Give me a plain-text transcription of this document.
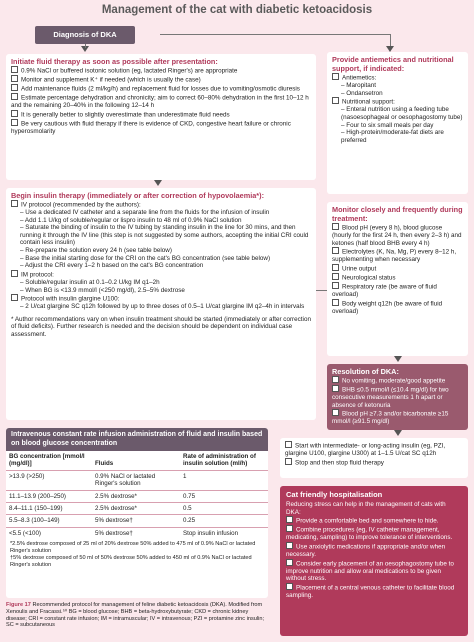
Management of the cat with diabetic ketoacidosis
Diagnosis of DKA
Initiate fluid therapy as soon as possible after presentation:
0.9% NaCl or buffered isotonic solution (eg, lactated Ringer's) are appropriate
Monitor and supplement K⁺ if needed (which is usually the case)
Add maintenance fluids (2 ml/kg/h) and replacement fluid for losses due to vomiting/osmotic diuresis
Estimate percentage dehydration and chronicity; aim to correct 60–80% dehydration in the first 10–12 h and the remaining 20–40% in the following 12–14 h
It is generally better to slightly overestimate than underestimate fluid needs
Be very cautious with fluid therapy if there is evidence of CKD, congestive heart failure or chronic hyperosmolarity
Provide antiemetics and nutritional support, if indicated:
Antiemetics:
– Maropitant
– Ondansetron
Nutritional support:
– Enteral nutrition using a feeding tube (nasoesophageal or oesophagostomy tube)
– Four to six small meals per day
– High-protein/moderate-fat diets are preferred
Begin insulin therapy (immediately or after correction of hypovolaemia*):
IV protocol (recommended by the authors):
– Use a dedicated IV catheter and a separate line from the fluids for the infusion of insulin
– Add 1.1 U/kg of soluble/regular or lispro insulin to 48 ml of 0.9% NaCl solution
– Saturate the binding of insulin to the IV tubing by standing insulin in the line for 30 mins, and then running it through the IV line (this step is not suggested by some authors, accepting the initial CRI could contain less insulin)
– Re-prepare the solution every 24 h (see table below)
– Base the initial starting dose for the CRI on the cat's BG concentration (see table below)
– Adjust the CRI every 1–2 h based on the cat's BG concentration
IM protocol:
– Soluble/regular insulin at 0.1–0.2 U/kg IM q1–2h
– When BG is <13.9 mmol/l (<250 mg/dl), 2.5–5% dextrose
Protocol with insulin glargine U100:
– 2 U/cat glargine SC q12h followed by up to three doses of 0.5–1 U/cat glargine IM q2–4h in intervals
* Author recommendations vary on when insulin treatment should be started (immediately or after correction of fluid deficits). Further research is needed and the decision should be dependent on individual case assessment.
Monitor closely and frequently during treatment:
Blood pH (every 8 h), blood glucose (hourly for the first 24 h, then every 2–3 h) and ketones (half blood BHB every 4 h)
Electrolytes (K, Na, Mg, P) every 8–12 h, supplementing when necessary
Urine output
Neurological status
Respiratory rate (be aware of fluid overload)
Body weight q12h (be aware of fluid overload)
Resolution of DKA:
No vomiting, moderate/good appetite
BHB ≤0.5 mmol/l (≤10.4 mg/dl) for two consecutive measurements 1 h apart or absence of ketonuria
Blood pH ≥7.3 and/or bicarbonate ≥15 mmol/l (≥91.5 mg/dl)
Start with intermediate- or long-acting insulin (eg, PZI, glargine U100, glargine U300) at 1–1.5 U/cat SC q12h
Stop and then stop fluid therapy
Intravenous constant rate infusion administration of fluid and insulin based on blood glucose concentration
BG concentration [mmol/l (mg/dl)]	Fluids	Rate of administration of insulin solution (ml/h)
>13.9 (>250)	0.9% NaCl or lactated Ringer's solution	1
11.1–13.9 (200–250)	2.5% dextrose*	0.75
8.4–11.1 (150–199)	2.5% dextrose*	0.5
5.5–8.3 (100–149)	5% dextrose†	0.25
<5.5 (<100)	5% dextrose†	Stop insulin infusion
*2.5% dextrose composed of 25 ml of 20% dextrose 50% added to 475 ml of 0.9% NaCl or lactated Ringer's solution
†5% dextrose composed of 50 ml of 50% dextrose 50% added to 450 ml of 0.9% NaCl or lactated Ringer's solution
Figure 17 Recommended protocol for management of feline diabetic ketoacidosis (DKA). Modified from Xenoulis and Fracassi.⁵⁰ BG = blood glucose; BHB = beta-hydroxybutyrate; CKD = chronic kidney disease; CRI = constant rate infusion; IM = intramuscular; IV = intravenous; PZI = protamine zinc insulin; SC = subcutaneous
Cat friendly hospitalisation
Reducing stress can help in the management of cats with DKA:
Provide a comfortable bed and somewhere to hide.
Combine procedures (eg, IV catheter management, medicating, sampling) to improve tolerance of interventions.
Use anxiolytic medications if appropriate and/or when necessary.
Consider early placement of an oesophagostomy tube to improve nutrition and allow oral medications to be given without stress.
Placement of a central venous catheter to facilitate blood sampling.
